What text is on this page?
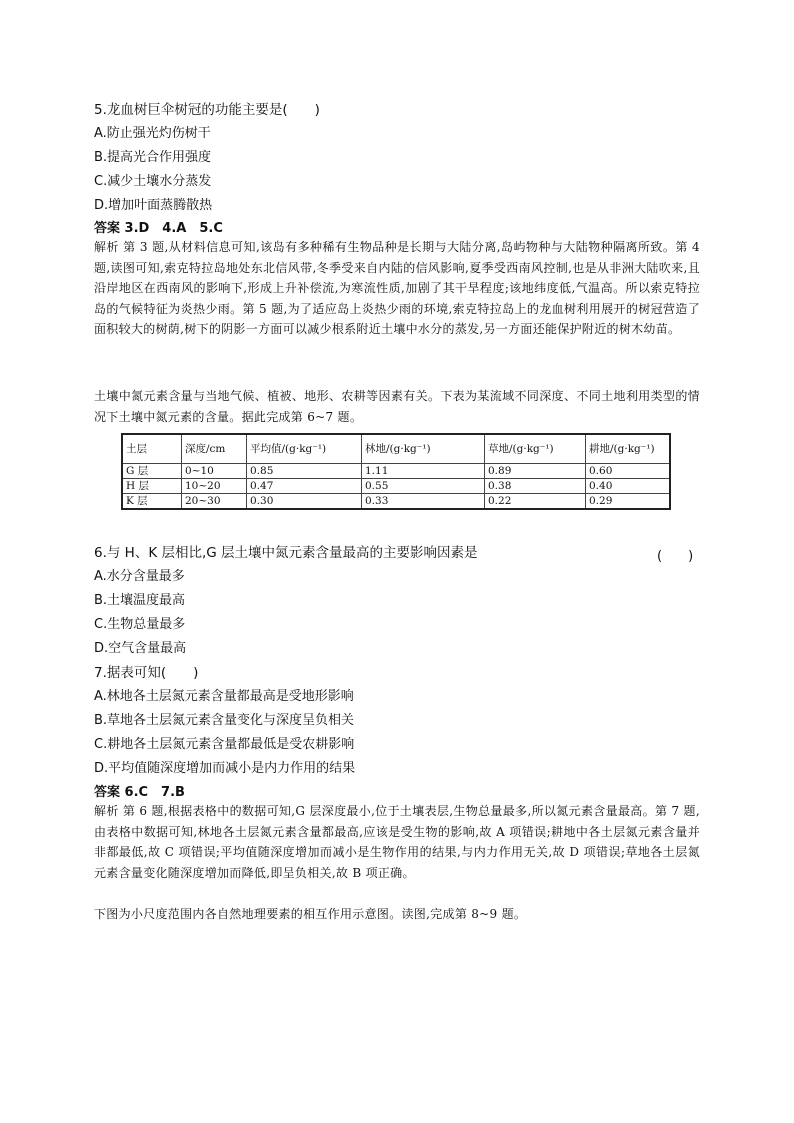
5.龙血树巨伞树冠的功能主要是(　　)
A.防止强光灼伤树干
B.提高光合作用强度
C.减少土壤水分蒸发
D.增加叶面蒸腾散热
答案 3.D　4.A　5.C
解析 第 3 题,从材料信息可知,该岛有多种稀有生物品种是长期与大陆分离,岛屿物种与大陆物种隔离所致。第 4 题,读图可知,索克特拉岛地处东北信风带,冬季受来自内陆的信风影响,夏季受西南风控制,也是从非洲大陆吹来,且沿岸地区在西南风的影响下,形成上升补偿流,为寒流性质,加剧了其干旱程度;该地纬度低,气温高。所以索克特拉岛的气候特征为炎热少雨。第 5 题,为了适应岛上炎热少雨的环境,索克特拉岛上的龙血树利用展开的树冠营造了面积较大的树荫,树下的阴影一方面可以减少根系附近土壤中水分的蒸发,另一方面还能保护附近的树木幼苗。
土壤中氮元素含量与当地气候、植被、地形、农耕等因素有关。下表为某流域不同深度、不同土地利用类型的情况下土壤中氮元素的含量。据此完成第 6~7 题。
土层	深度/cm	平均值/(g·kg⁻¹)	林地/(g·kg⁻¹)	草地/(g·kg⁻¹)	耕地/(g·kg⁻¹)
G 层	0~10	0.85	1.11	0.89	0.60
H 层	10~20	0.47	0.55	0.38	0.40
K 层	20~30	0.30	0.33	0.22	0.29
6.与 H、K 层相比,G 层土壤中氮元素含量最高的主要影响因素是	(　　)
A.水分含量最多
B.土壤温度最高
C.生物总量最多
D.空气含量最高
7.据表可知(　　)
A.林地各土层氮元素含量都最高是受地形影响
B.草地各土层氮元素含量变化与深度呈负相关
C.耕地各土层氮元素含量都最低是受农耕影响
D.平均值随深度增加而减小是内力作用的结果
答案 6.C　7.B
解析 第 6 题,根据表格中的数据可知,G 层深度最小,位于土壤表层,生物总量最多,所以氮元素含量最高。第 7 题,由表格中数据可知,林地各土层氮元素含量都最高,应该是受生物的影响,故 A 项错误;耕地中各土层氮元素含量并非都最低,故 C 项错误;平均值随深度增加而减小是生物作用的结果,与内力作用无关,故 D 项错误;草地各土层氮元素含量变化随深度增加而降低,即呈负相关,故 B 项正确。
下图为小尺度范围内各自然地理要素的相互作用示意图。读图,完成第 8~9 题。
